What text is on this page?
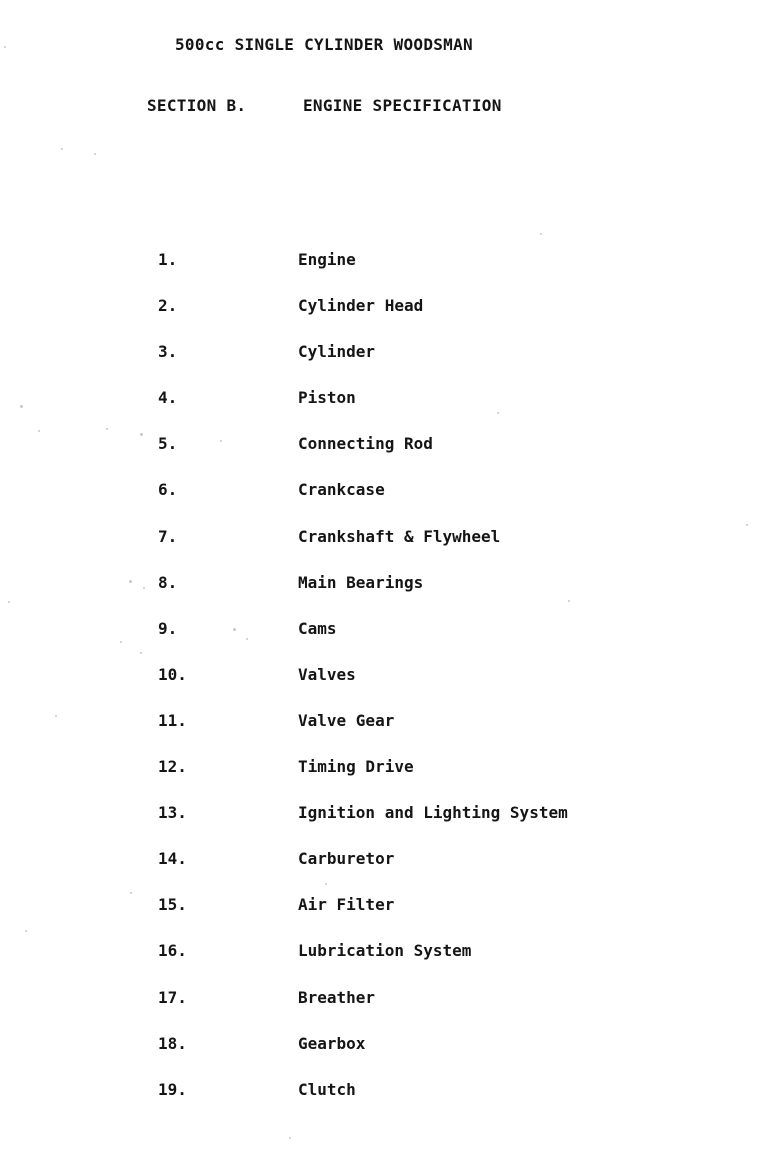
500cc SINGLE CYLINDER WOODSMAN
SECTION B.	ENGINE SPECIFICATION
1.	Engine
2.	Cylinder Head
3.	Cylinder
4.	Piston
5.	Connecting Rod
6.	Crankcase
7.	Crankshaft & Flywheel
8.	Main Bearings
9.	Cams
10.	Valves
11.	Valve Gear
12.	Timing Drive
13.	Ignition and Lighting System
14.	Carburetor
15.	Air Filter
16.	Lubrication System
17.	Breather
18.	Gearbox
19.	Clutch
